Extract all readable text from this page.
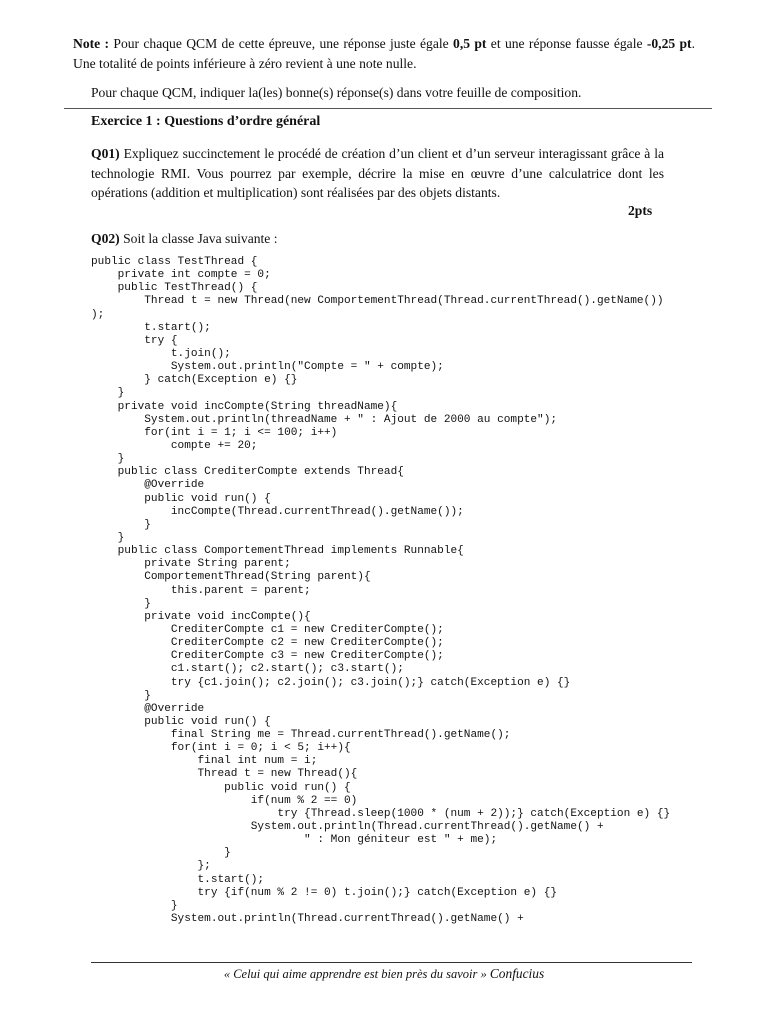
Note : Pour chaque QCM de cette épreuve, une réponse juste égale 0,5 pt et une réponse fausse égale -0,25 pt. Une totalité de points inférieure à zéro revient à une note nulle.
Pour chaque QCM, indiquer la(les) bonne(s) réponse(s) dans votre feuille de composition.
Exercice 1 : Questions d’ordre général
Q01) Expliquez succinctement le procédé de création d’un client et d’un serveur interagissant grâce à la technologie RMI. Vous pourrez par exemple, décrire la mise en œuvre d’une calculatrice dont les opérations (addition et multiplication) sont réalisées par des objets distants.
2pts
Q02) Soit la classe Java suivante :
public class TestThread {
private int compte = 0;
public TestThread() {
Thread t = new Thread(new ComportementThread(Thread.currentThread().getName())
);
t.start();
try {
t.join();
System.out.println("Compte = " + compte);
} catch(Exception e) {}
}
private void incCompte(String threadName){
System.out.println(threadName + " : Ajout de 2000 au compte");
for(int i = 1; i <= 100; i++)
compte += 20;
}
public class CrediterCompte extends Thread{
@Override
public void run() {
incCompte(Thread.currentThread().getName());
}
}
public class ComportementThread implements Runnable{
private String parent;
ComportementThread(String parent){
this.parent = parent;
}
private void incCompte(){
CrediterCompte c1 = new CrediterCompte();
CrediterCompte c2 = new CrediterCompte();
CrediterCompte c3 = new CrediterCompte();
c1.start(); c2.start(); c3.start();
try {c1.join(); c2.join(); c3.join();} catch(Exception e) {}
}
@Override
public void run() {
final String me = Thread.currentThread().getName();
for(int i = 0; i < 5; i++){
final int num = i;
Thread t = new Thread(){
public void run() {
if(num % 2 == 0)
try {Thread.sleep(1000 * (num + 2));} catch(Exception e) {}
System.out.println(Thread.currentThread().getName() +
" : Mon géniteur est " + me);
}
};
t.start();
try {if(num % 2 != 0) t.join();} catch(Exception e) {}
}
System.out.println(Thread.currentThread().getName() +
« Celui qui aime apprendre est bien près du savoir » Confucius
